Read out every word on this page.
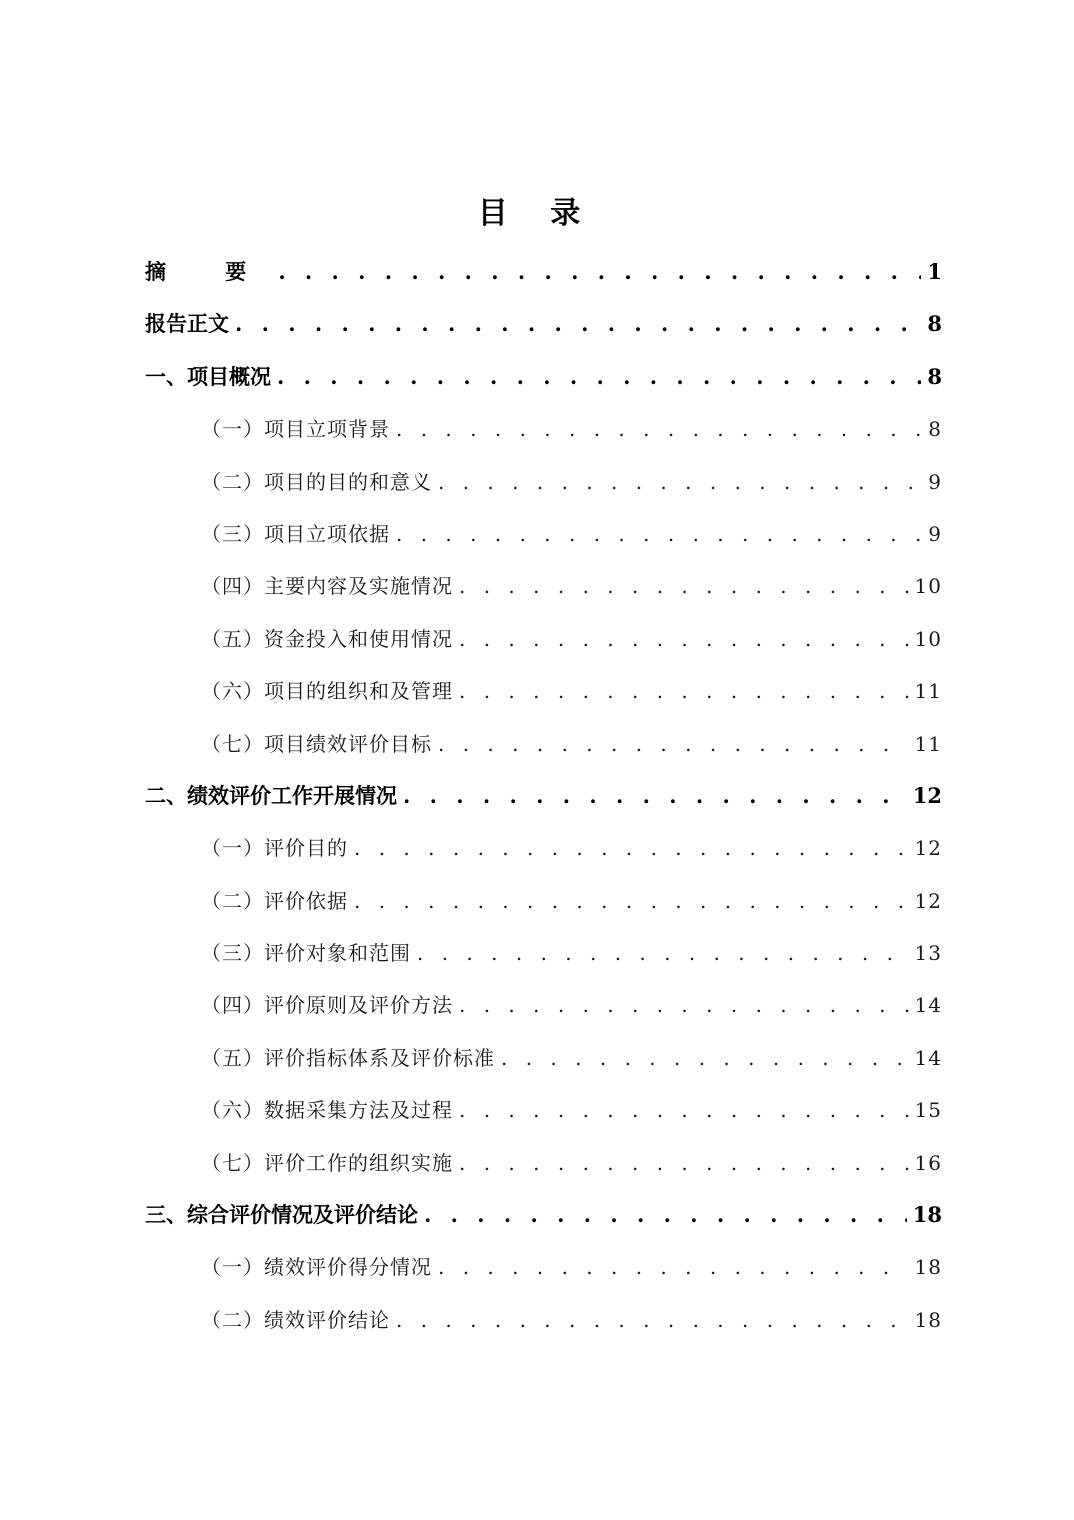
目 录
摘 要 . . .	1
报告正文 . . .	8
一、项目概况 . . .	8
（一）项目立项背景 . . .	8
（二）项目的目的和意义 . . .	9
（三）项目立项依据 . . .	9
（四）主要内容及实施情况 . . .	10
（五）资金投入和使用情况 . . .	10
（六）项目的组织和及管理 . . .	11
（七）项目绩效评价目标 . . .	11
二、绩效评价工作开展情况 . . .	12
（一）评价目的 . . .	12
（二）评价依据 . . .	12
（三）评价对象和范围 . . .	13
（四）评价原则及评价方法 . . .	14
（五）评价指标体系及评价标准 . . .	14
（六）数据采集方法及过程 . . .	15
（七）评价工作的组织实施 . . .	16
三、综合评价情况及评价结论 . . .	18
（一）绩效评价得分情况 . . .	18
（二）绩效评价结论 . . .	18
